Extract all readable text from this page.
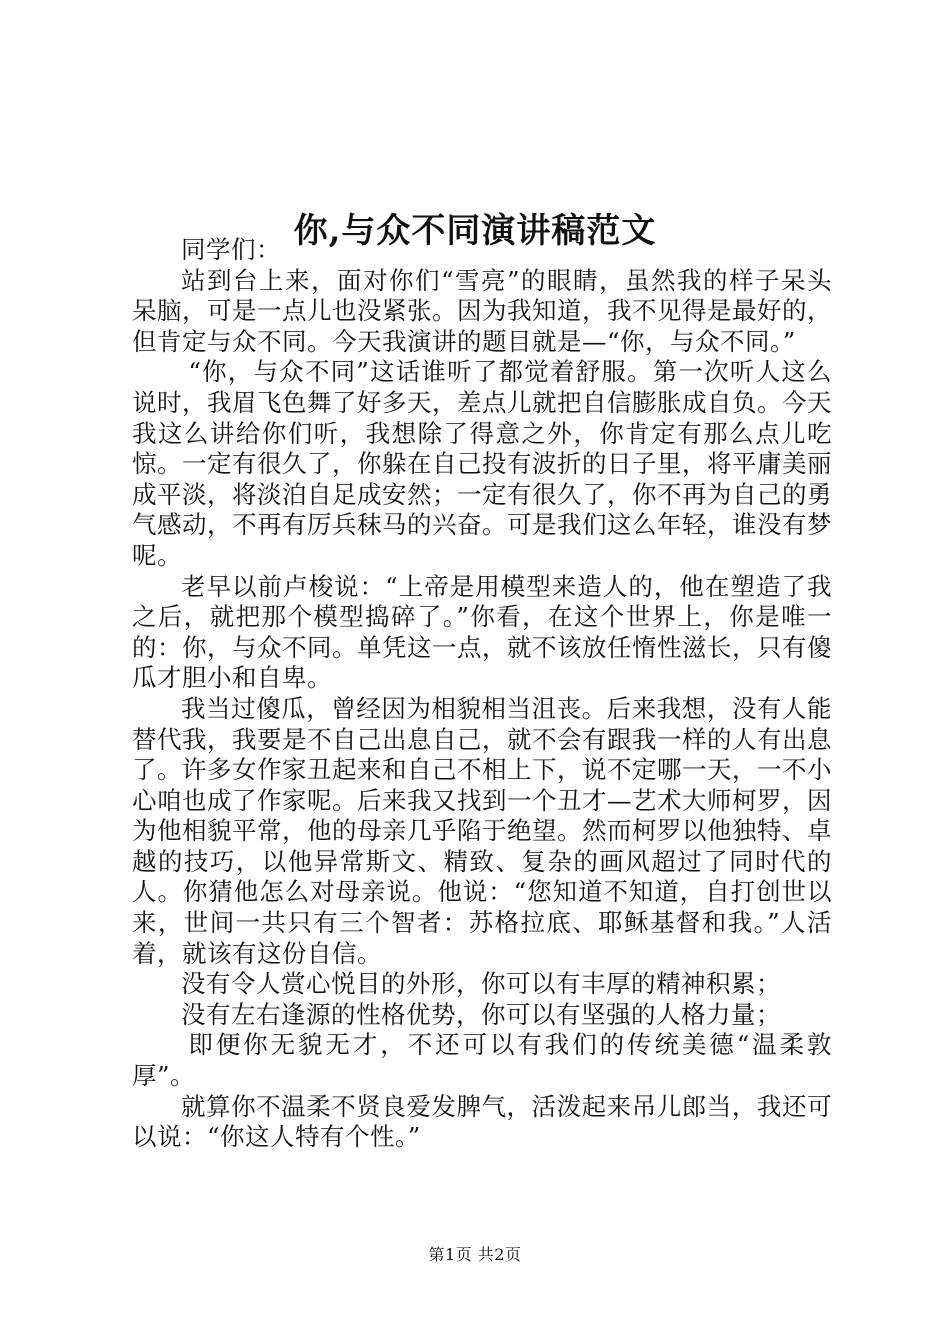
你,与众不同演讲稿范文

同学们：

站到台上来，面对你们“雪亮”的眼睛，虽然我的样子呆头呆脑，可是一点儿也没紧张。因为我知道，我不见得是最好的，但肯定与众不同。今天我演讲的题目就是—“你，与众不同。”

“你，与众不同”这话谁听了都觉着舒服。第一次听人这么说时，我眉飞色舞了好多天，差点儿就把自信膨胀成自负。今天我这么讲给你们听，我想除了得意之外，你肯定有那么点儿吃惊。一定有很久了，你躲在自己投有波折的日子里，将平庸美丽成平淡，将淡泊自足成安然；一定有很久了，你不再为自己的勇气感动，不再有厉兵秣马的兴奋。可是我们这么年轻，谁没有梦呢。

老早以前卢梭说：“上帝是用模型来造人的，他在塑造了我之后，就把那个模型捣碎了。”你看，在这个世界上，你是唯一的：你，与众不同。单凭这一点，就不该放任惰性滋长，只有傻瓜才胆小和自卑。

我当过傻瓜，曾经因为相貌相当沮丧。后来我想，没有人能替代我，我要是不自己出息自己，就不会有跟我一样的人有出息了。许多女作家丑起来和自己不相上下，说不定哪一天，一不小心咱也成了作家呢。后来我又找到一个丑才—艺术大师柯罗，因为他相貌平常，他的母亲几乎陷于绝望。然而柯罗以他独特、卓越的技巧，以他异常斯文、精致、复杂的画风超过了同时代的人。你猜他怎么对母亲说。他说：“您知道不知道，自打创世以来，世间一共只有三个智者：苏格拉底、耶稣基督和我。”人活着，就该有这份自信。

没有令人赏心悦目的外形，你可以有丰厚的精神积累；

没有左右逢源的性格优势，你可以有坚强的人格力量；

即便你无貌无才，不还可以有我们的传统美德“温柔敦厚”。

就算你不温柔不贤良爱发脾气，活泼起来吊儿郎当，我还可以说：“你这人特有个性。”

第1页 共2页
